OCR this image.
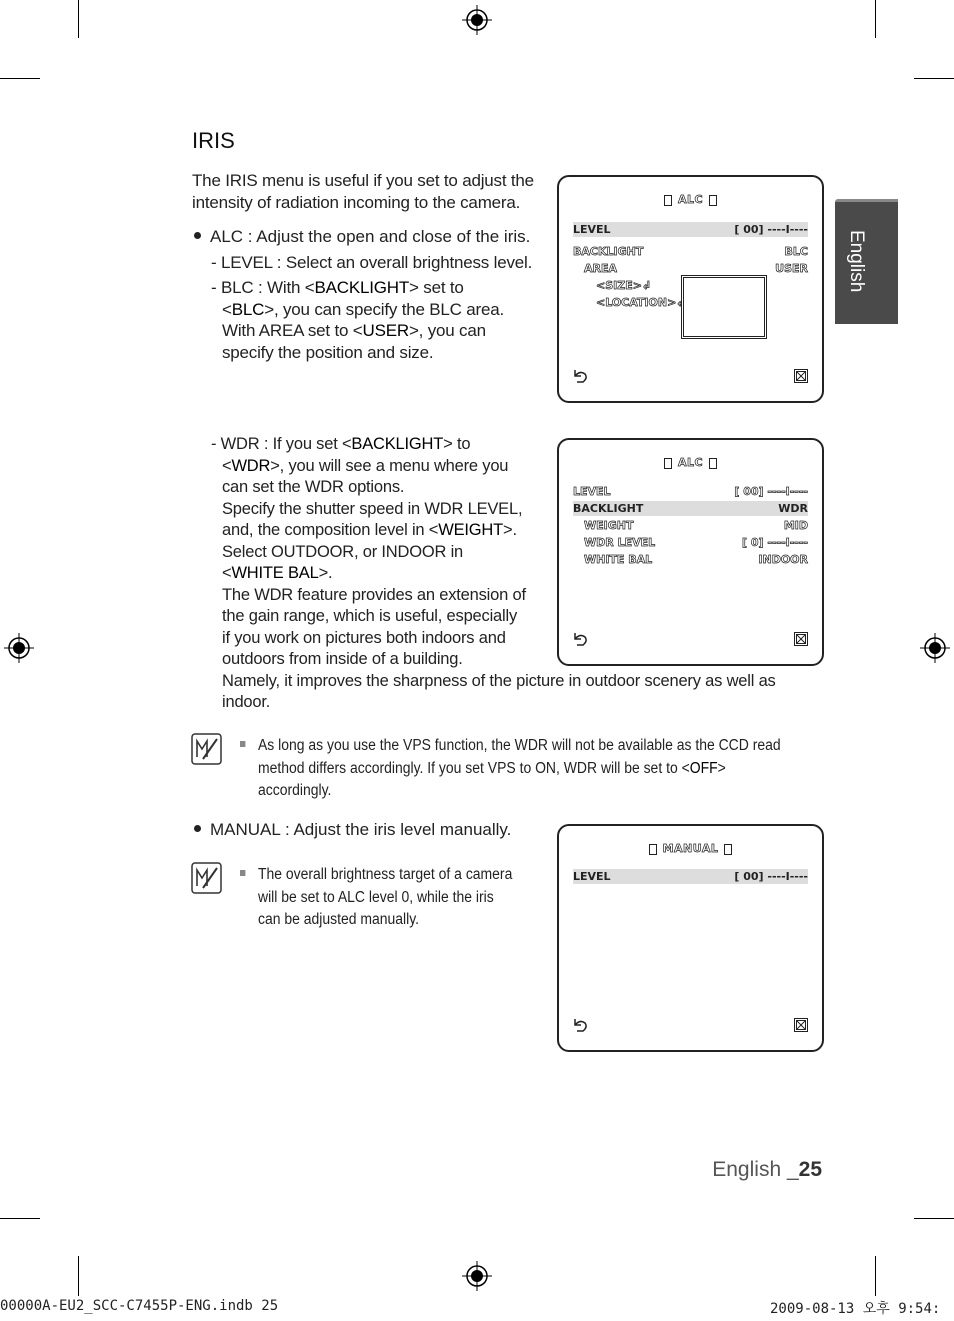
English
IRIS
The IRIS menu is useful if you set to adjust the intensity of radiation incoming to the camera.
ALC : Adjust the open and close of the iris.
- LEVEL : Select an overall brightness level.
- BLC : With <BACKLIGHT> set to
<BLC>, you can specify the BLC area.
With AREA set to <USER>, you can
specify the position and size.
- WDR : If you set <BACKLIGHT> to
<WDR>, you will see a menu where you
can set the WDR options.
Specify the shutter speed in WDR LEVEL,
and, the composition level in <WEIGHT>.
Select OUTDOOR, or INDOOR in
<WHITE BAL>.
The WDR feature provides an extension of
the gain range, which is useful, especially
if you work on pictures both indoors and
outdoors from inside of a building.
Namely, it improves the sharpness of the picture in outdoor scenery as well as
indoor.
As long as you use the VPS function, the WDR will not be available as the CCD read
method differs accordingly. If you set VPS to ON, WDR will be set to <OFF>
accordingly.
MANUAL : Adjust the iris level manually.
The overall brightness target of a camera
will be set to ALC level 0, while the iris
can be adjusted manually.
ALC
LEVEL	[ 00] ----I----
BACKLIGHT	BLC
AREA	USER
<SIZE>↲
<LOCATION>↲
ALC
LEVEL	[ 00] ----I----
BACKLIGHT	WDR
WEIGHT	MID
WDR LEVEL	[ 0] ----I----
WHITE BAL	INDOOR
MANUAL
LEVEL	[ 00] ----I----
English _25
00000A-EU2_SCC-C7455P-ENG.indb 25	2009-08-13 오후 9:54:
